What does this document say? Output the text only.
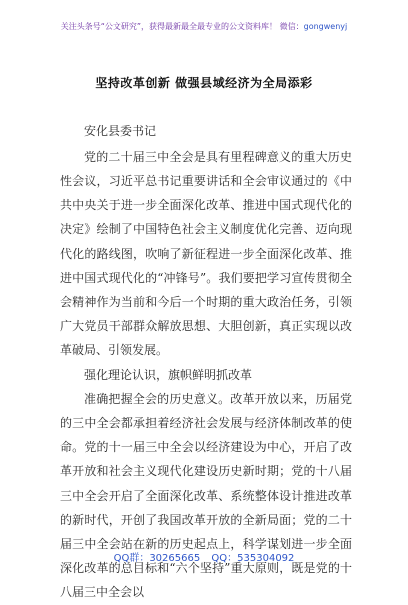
关注头条号“公文研究”，获得最新最全最专业的公文资料库！ 微信：gongwenyj
坚持改革创新 做强县域经济为全局添彩

安化县委书记

党的二十届三中全会是具有里程碑意义的重大历史性会议，习近平总书记重要讲话和全会审议通过的《中共中央关于进一步全面深化改革、推进中国式现代化的决定》绘制了中国特色社会主义制度优化完善、迈向现代化的路线图，吹响了新征程进一步全面深化改革、推进中国式现代化的“冲锋号”。我们要把学习宣传贯彻全会精神作为当前和今后一个时期的重大政治任务，引领广大党员干部群众解放思想、大胆创新，真正实现以改革破局、引领发展。

强化理论认识，旗帜鲜明抓改革

准确把握全会的历史意义。改革开放以来，历届党的三中全会都承担着经济社会发展与经济体制改革的使命。党的十一届三中全会以经济建设为中心，开启了改革开放和社会主义现代化建设历史新时期；党的十八届三中全会开启了全面深化改革、系统整体设计推进改革的新时代，开创了我国改革开放的全新局面；党的二十届三中全会站在新的历史起点上，科学谋划进一步全面深化改革的总目标和“六个坚持”重大原则，既是党的十八届三中全会以

QQ群：30265665 QQ：535304092
